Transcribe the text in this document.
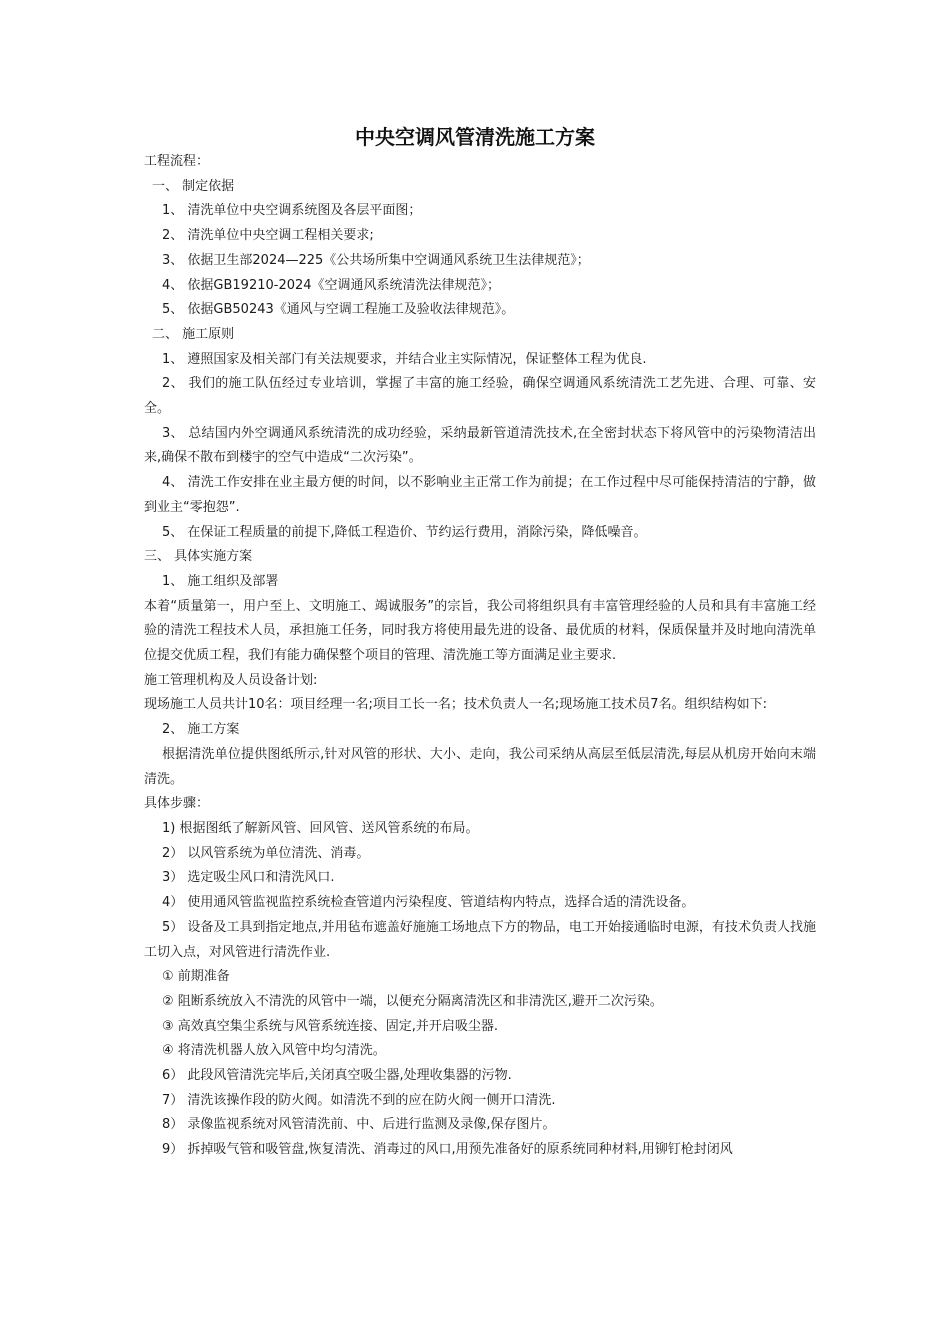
中央空调风管清洗施工方案

工程流程：

一、 制定依据

1、 清洗单位中央空调系统图及各层平面图；

2、 清洗单位中央空调工程相关要求;

3、 依据卫生部2024—225《公共场所集中空调通风系统卫生法律规范》；

4、 依据GB19210-2024《空调通风系统清洗法律规范》；

5、 依据GB50243《通风与空调工程施工及验收法律规范》。

二、 施工原则

1、 遵照国家及相关部门有关法规要求，并结合业主实际情况，保证整体工程为优良.

2、 我们的施工队伍经过专业培训，掌握了丰富的施工经验，确保空调通风系统清洗工艺先进、合理、可靠、安全。

3、 总结国内外空调通风系统清洗的成功经验，采纳最新管道清洗技术,在全密封状态下将风管中的污染物清洁出来,确保不散布到楼宇的空气中造成“二次污染”。

4、 清洗工作安排在业主最方便的时间，以不影响业主正常工作为前提；在工作过程中尽可能保持清洁的宁静，做到业主“零抱怨”.

5、 在保证工程质量的前提下,降低工程造价、节约运行费用，消除污染，降低噪音。

三、 具体实施方案

1、 施工组织及部署

本着“质量第一，用户至上、文明施工、竭诚服务”的宗旨，我公司将组织具有丰富管理经验的人员和具有丰富施工经验的清洗工程技术人员，承担施工任务，同时我方将使用最先进的设备、最优质的材料，保质保量并及时地向清洗单位提交优质工程，我们有能力确保整个项目的管理、清洗施工等方面满足业主要求.

施工管理机构及人员设备计划:

现场施工人员共计10名：项目经理一名;项目工长一名；技术负责人一名;现场施工技术员7名。组织结构如下:

2、 施工方案

根据清洗单位提供图纸所示,针对风管的形状、大小、走向，我公司采纳从高层至低层清洗,每层从机房开始向末端清洗。

具体步骤：

1) 根据图纸了解新风管、回风管、送风管系统的布局。

2） 以风管系统为单位清洗、消毒。

3） 选定吸尘风口和清洗风口.

4） 使用通风管监视监控系统检查管道内污染程度、管道结构内特点，选择合适的清洗设备。

5） 设备及工具到指定地点,并用毡布遮盖好施施工场地点下方的物品，电工开始接通临时电源，有技术负责人找施工切入点，对风管进行清洗作业.

① 前期准备

② 阻断系统放入不清洗的风管中一端，以便充分隔离清洗区和非清洗区,避开二次污染。

③ 高效真空集尘系统与风管系统连接、固定,并开启吸尘器.

④ 将清洗机器人放入风管中均匀清洗。

6） 此段风管清洗完毕后,关闭真空吸尘器,处理收集器的污物.

7） 清洗该操作段的防火阀。如清洗不到的应在防火阀一侧开口清洗.

8） 录像监视系统对风管清洗前、中、后进行监测及录像,保存图片。

9） 拆掉吸气管和吸管盘,恢复清洗、消毒过的风口,用预先准备好的原系统同种材料,用铆钉枪封闭风
